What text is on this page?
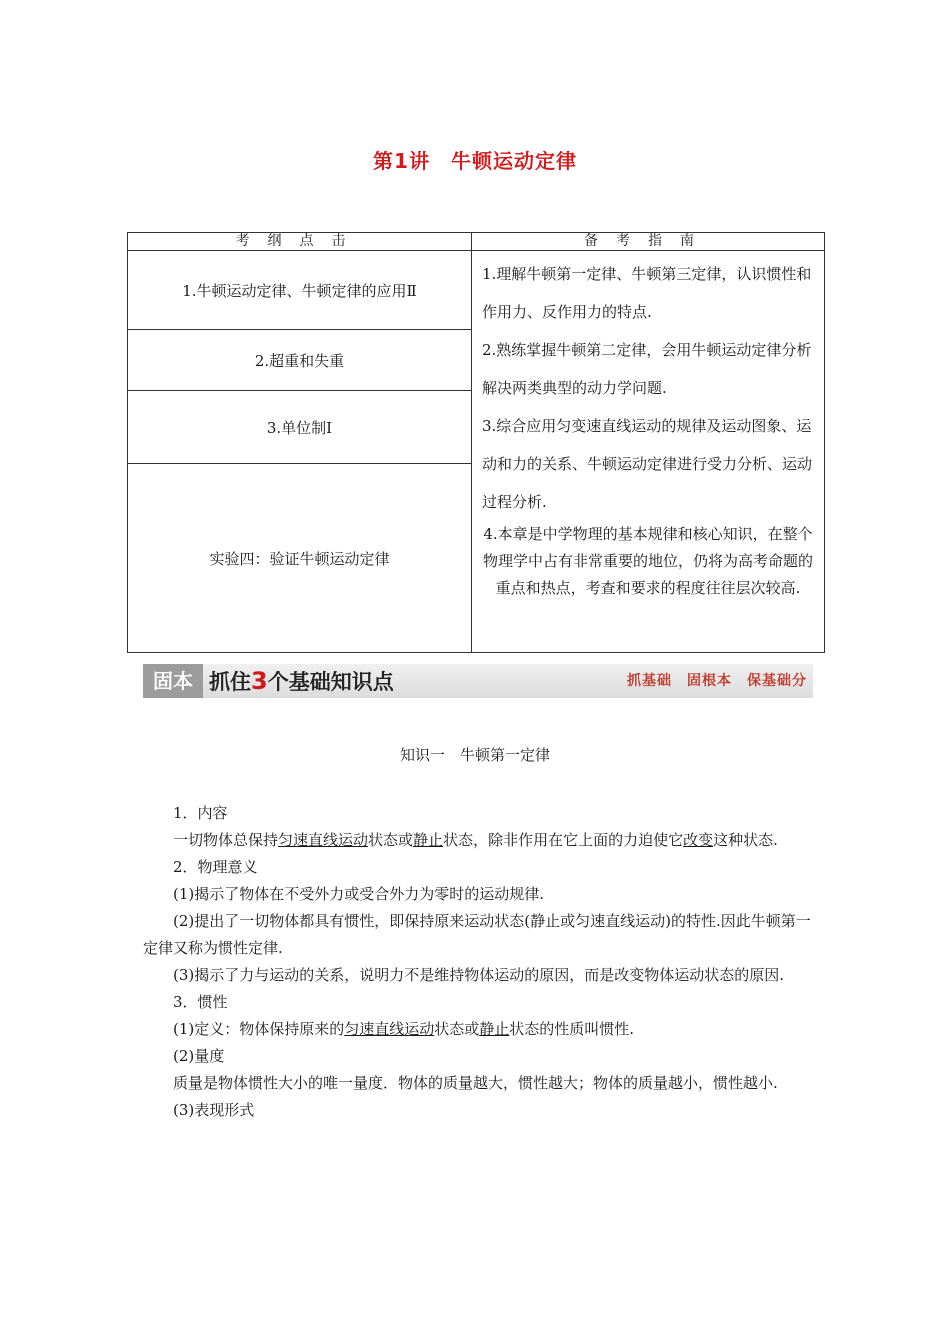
第1讲　牛顿运动定律
考纲点击	备考指南
1.牛顿运动定律、牛顿定律的应用Ⅱ	1.理解牛顿第一定律、牛顿第三定律，认识惯性和作用力、反作用力的特点.

2.熟练掌握牛顿第二定律，会用牛顿运动定律分析解决两类典型的动力学问题.

3.综合应用匀变速直线运动的规律及运动图象、运动和力的关系、牛顿运动定律进行受力分析、运动过程分析.

4.本章是中学物理的基本规律和核心知识，在整个物理学中占有非常重要的地位，仍将为高考命题的重点和热点，考查和要求的程度往往层次较高.

2.超重和失重	
3.单位制Ⅰ	
实验四：验证牛顿运动定律	
固本 抓住3个基础知识点	抓基础　固根本　保基础分
知识一　牛顿第一定律

1．内容

一切物体总保持匀速直线运动状态或静止状态，除非作用在它上面的力迫使它改变这种状态.

2．物理意义

(1)揭示了物体在不受外力或受合外力为零时的运动规律.

(2)提出了一切物体都具有惯性，即保持原来运动状态(静止或匀速直线运动)的特性.因此牛顿第一定律又称为惯性定律.

(3)揭示了力与运动的关系，说明力不是维持物体运动的原因，而是改变物体运动状态的原因.

3．惯性

(1)定义：物体保持原来的匀速直线运动状态或静止状态的性质叫惯性.

(2)量度

质量是物体惯性大小的唯一量度．物体的质量越大，惯性越大；物体的质量越小，惯性越小.

(3)表现形式
